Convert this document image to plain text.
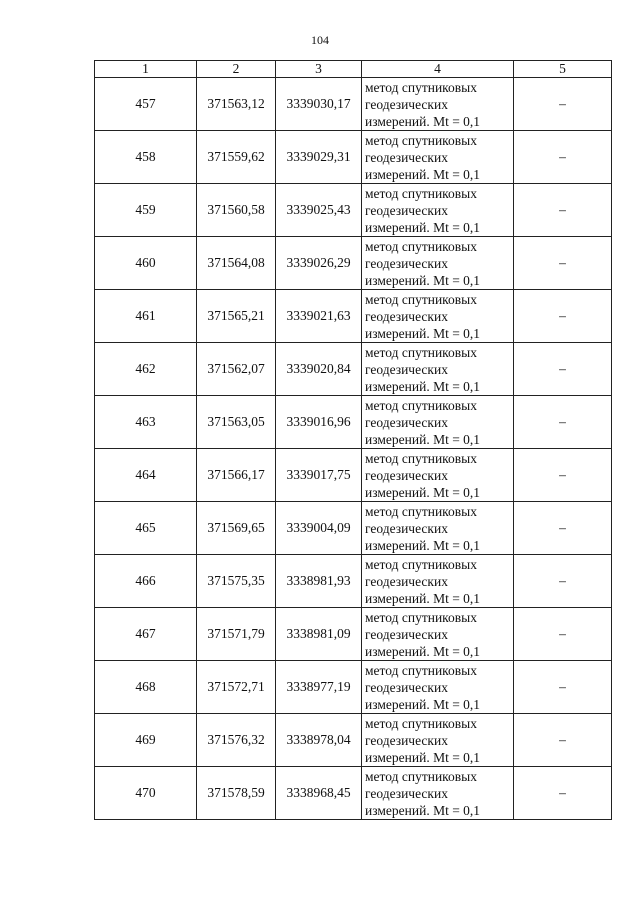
104
1	2	3	4	5
457	371563,12	3339030,17	метод спутниковых
геодезических
измерений. Mt = 0,1	–
458	371559,62	3339029,31	метод спутниковых
геодезических
измерений. Mt = 0,1	–
459	371560,58	3339025,43	метод спутниковых
геодезических
измерений. Mt = 0,1	–
460	371564,08	3339026,29	метод спутниковых
геодезических
измерений. Mt = 0,1	–
461	371565,21	3339021,63	метод спутниковых
геодезических
измерений. Mt = 0,1	–
462	371562,07	3339020,84	метод спутниковых
геодезических
измерений. Mt = 0,1	–
463	371563,05	3339016,96	метод спутниковых
геодезических
измерений. Mt = 0,1	–
464	371566,17	3339017,75	метод спутниковых
геодезических
измерений. Mt = 0,1	–
465	371569,65	3339004,09	метод спутниковых
геодезических
измерений. Mt = 0,1	–
466	371575,35	3338981,93	метод спутниковых
геодезических
измерений. Mt = 0,1	–
467	371571,79	3338981,09	метод спутниковых
геодезических
измерений. Mt = 0,1	–
468	371572,71	3338977,19	метод спутниковых
геодезических
измерений. Mt = 0,1	–
469	371576,32	3338978,04	метод спутниковых
геодезических
измерений. Mt = 0,1	–
470	371578,59	3338968,45	метод спутниковых
геодезических
измерений. Mt = 0,1	–
